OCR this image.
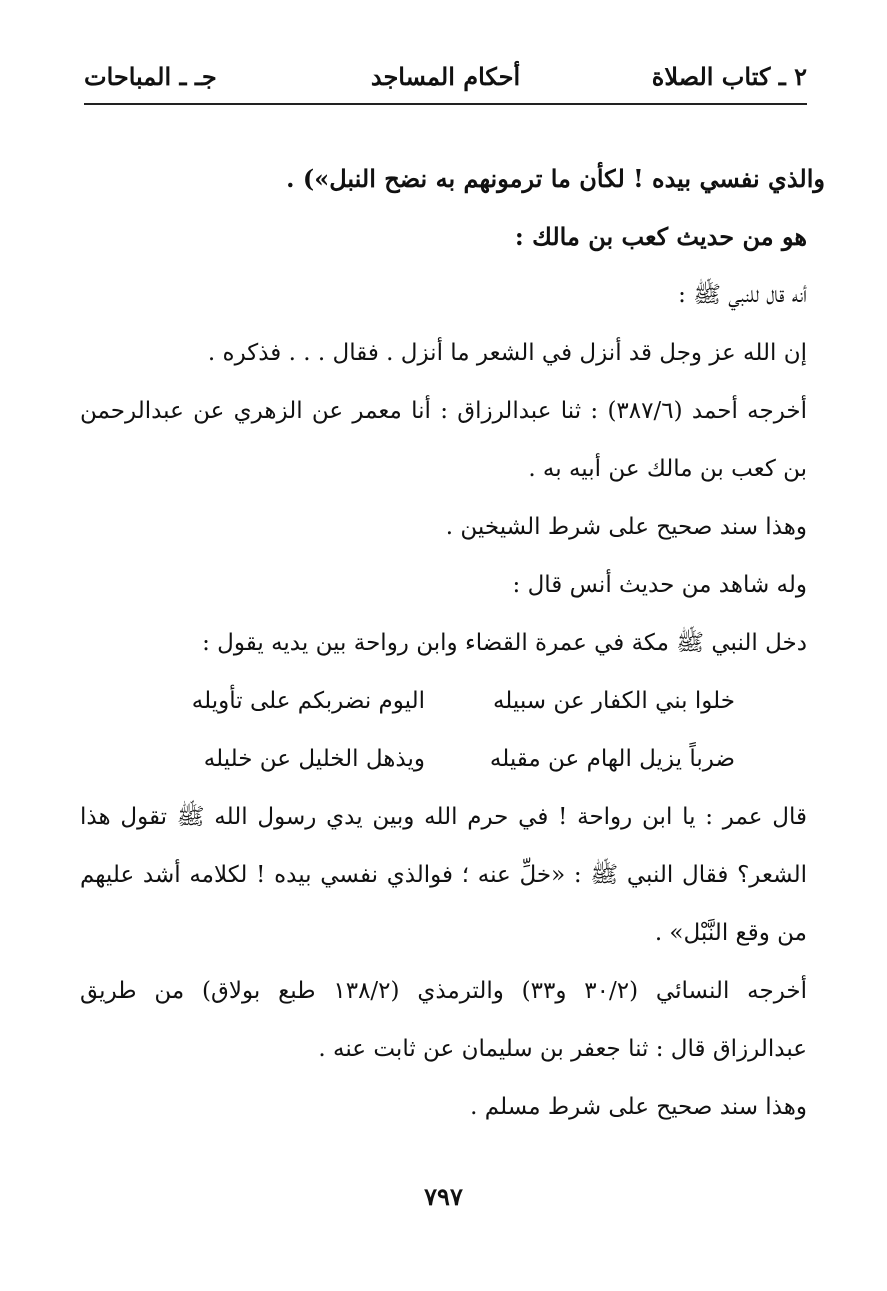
٢ ـ كتاب الصلاة
أحكام المساجد
جـ ـ المباحات

والذي نفسي بيده ! لكأن ما ترمونهم به نضح النبل») .

هو من حديث كعب بن مالك :

أنه قال للنبي ﷺ :

إن الله عز وجل قد أنزل في الشعر ما أنزل . فقال . . . فذكره .

أخرجه أحمد (٣٨٧/٦) : ثنا عبدالرزاق : أنا معمر عن الزهري عن عبدالرحمن بن كعب بن مالك عن أبيه به .

وهذا سند صحيح على شرط الشيخين .

وله شاهد من حديث أنس قال :

دخل النبي ﷺ مكة في عمرة القضاء وابن رواحة بين يديه يقول :

خلوا بني الكفار عن سبيله
اليوم نضربكم على تأويله
ضرباً يزيل الهام عن مقيله
ويذهل الخليل عن خليله

قال عمر : يا ابن رواحة ! في حرم الله وبين يدي رسول الله ﷺ تقول هذا الشعر؟ فقال النبي ﷺ : «خلِّ عنه ؛ فوالذي نفسي بيده ! لكلامه أشد عليهم من وقع النَّبْل» .

أخرجه النسائي (٣٠/٢ و٣٣) والترمذي (١٣٨/٢ طبع بولاق) من طريق عبدالرزاق قال : ثنا جعفر بن سليمان عن ثابت عنه .

وهذا سند صحيح على شرط مسلم .

٧٩٧
